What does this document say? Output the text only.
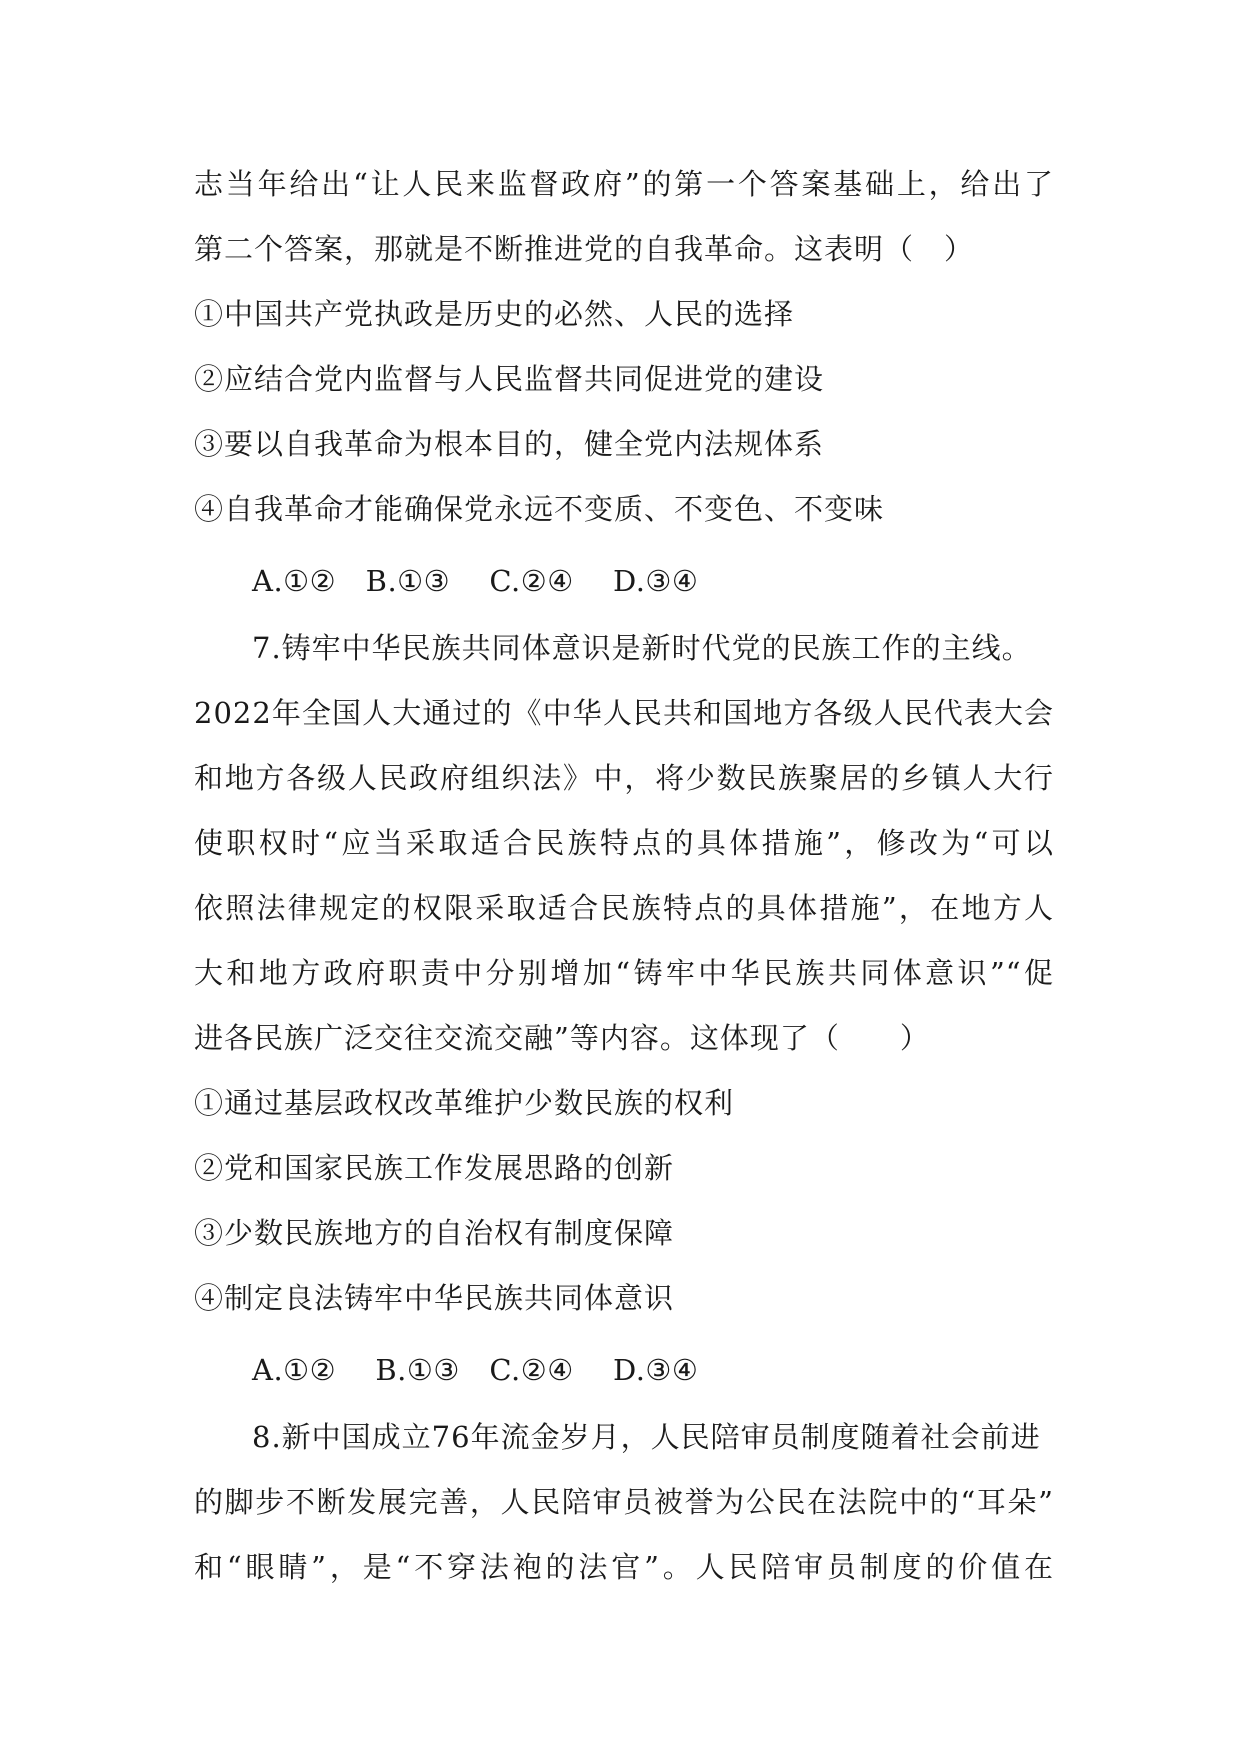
志当年给出“让人民来监督政府”的第一个答案基础上，给出了
第二个答案，那就是不断推进党的自我革命。这表明（　）
①中国共产党执政是历史的必然、人民的选择
②应结合党内监督与人民监督共同促进党的建设
③要以自我革命为根本目的，健全党内法规体系
④自我革命才能确保党永远不变质、不变色、不变味
A.①②　B.①③　 C.②④　 D.③④
7.铸牢中华民族共同体意识是新时代党的民族工作的主线。
2022年全国人大通过的《中华人民共和国地方各级人民代表大会
和地方各级人民政府组织法》中，将少数民族聚居的乡镇人大行
使职权时“应当采取适合民族特点的具体措施”，修改为“可以
依照法律规定的权限采取适合民族特点的具体措施”，在地方人
大和地方政府职责中分别增加“铸牢中华民族共同体意识”“促
进各民族广泛交往交流交融”等内容。这体现了（　　）
①通过基层政权改革维护少数民族的权利
②党和国家民族工作发展思路的创新
③少数民族地方的自治权有制度保障
④制定良法铸牢中华民族共同体意识
A.①②　 B.①③　C.②④　 D.③④
8.新中国成立76年流金岁月，人民陪审员制度随着社会前进
的脚步不断发展完善，人民陪审员被誉为公民在法院中的“耳朵”
和“眼睛”，是“不穿法袍的法官”。人民陪审员制度的价值在
